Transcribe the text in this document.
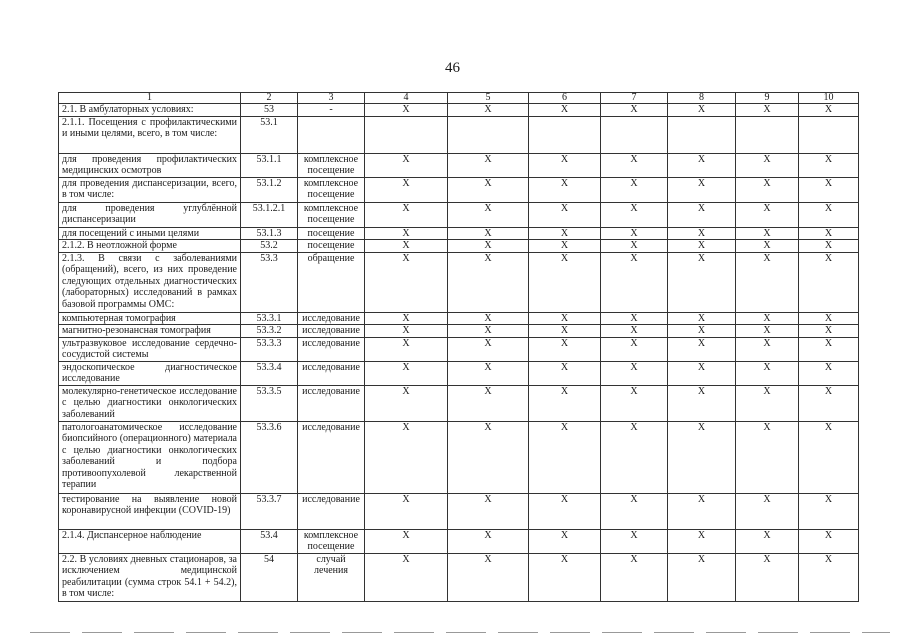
46
1	2	3	4	5	6	7	8	9	10
2.1. В амбулаторных условиях:	53	-	X	X	X	X	X	X	X
2.1.1. Посещения с профилактическими и иными целями, всего, в том числе:	53.1								
для проведения профилактических медицинских осмотров	53.1.1	комплексное посещение	X	X	X	X	X	X	X
для проведения диспансеризации, всего, в том числе:	53.1.2	комплексное посещение	X	X	X	X	X	X	X
для проведения углублённой диспансеризации	53.1.2.1	комплексное посещение	X	X	X	X	X	X	X
для посещений с иными целями	53.1.3	посещение	X	X	X	X	X	X	X
2.1.2. В неотложной форме	53.2	посещение	X	X	X	X	X	X	X
2.1.3. В связи с заболеваниями (обращений), всего, из них проведение следующих отдельных диагностических (лабораторных) исследований в рамках базовой программы ОМС:	53.3	обращение	X	X	X	X	X	X	X
компьютерная томография	53.3.1	исследование	X	X	X	X	X	X	X
магнитно-резонансная томография	53.3.2	исследование	X	X	X	X	X	X	X
ультразвуковое исследование сердечно-сосудистой системы	53.3.3	исследование	X	X	X	X	X	X	X
эндоскопическое диагностическое исследование	53.3.4	исследование	X	X	X	X	X	X	X
молекулярно-генетическое исследование с целью диагностики онкологических заболеваний	53.3.5	исследование	X	X	X	X	X	X	X
патологоанатомическое исследование биопсийного (операционного) материала с целью диагностики онкологических заболеваний и подбора противоопухолевой лекарственной терапии	53.3.6	исследование	X	X	X	X	X	X	X
тестирование на выявление новой коронавирусной инфекции (COVID-19)	53.3.7	исследование	X	X	X	X	X	X	X
2.1.4. Диспансерное наблюдение	53.4	комплексное посещение	X	X	X	X	X	X	X
2.2. В условиях дневных стационаров, за исключением медицинской реабилитации (сумма строк 54.1 + 54.2), в том числе:	54	случай лечения	X	X	X	X	X	X	X
